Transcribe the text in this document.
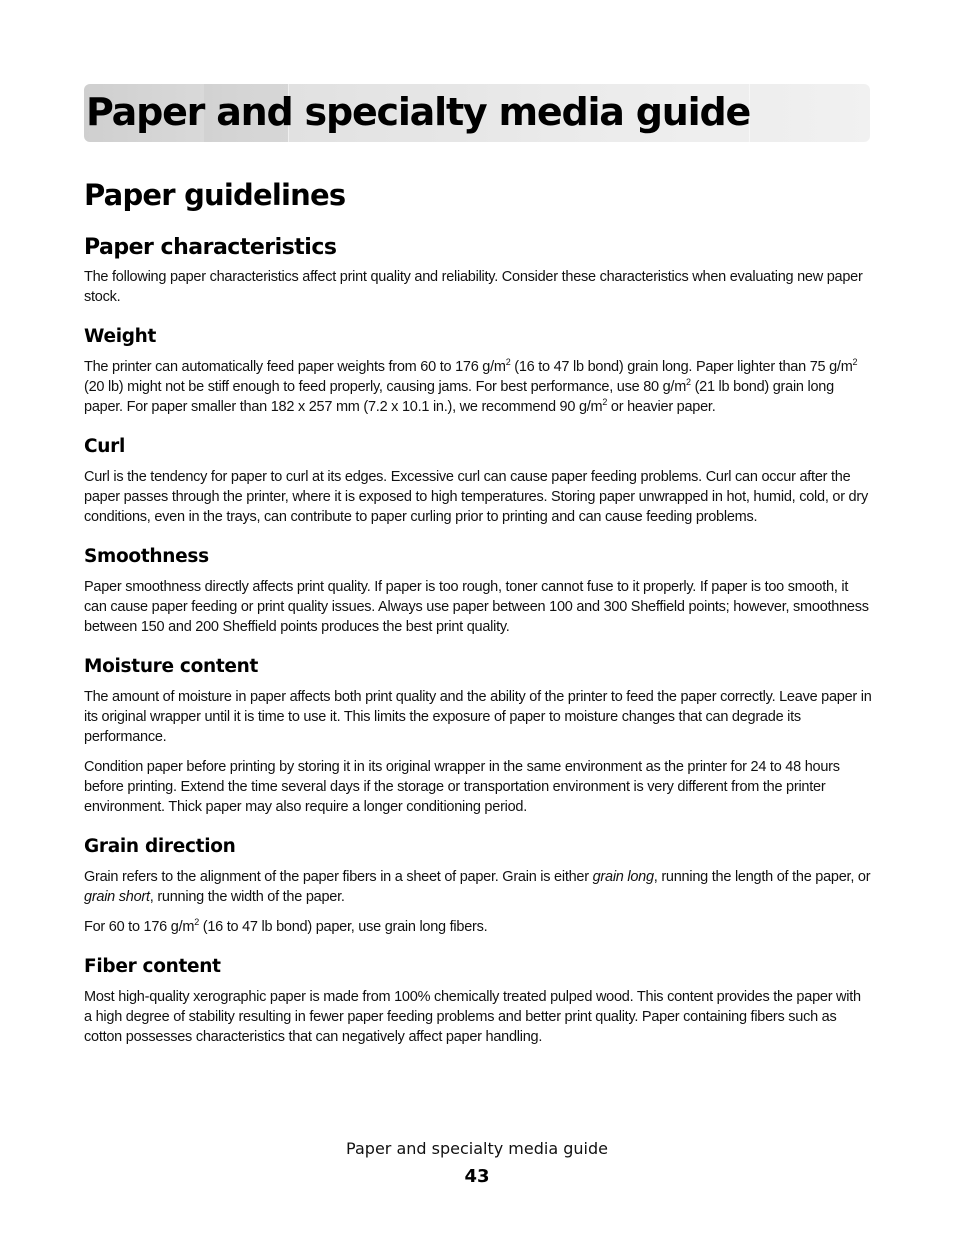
Paper and specialty media guide
Paper guidelines
Paper characteristics

The following paper characteristics affect print quality and reliability. Consider these characteristics when evaluating new paper stock.

Weight

The printer can automatically feed paper weights from 60 to 176 $g/m^2$ (16 to 47 lb bond) grain long. Paper lighter than 75 $g/m^2$ (20 lb) might not be stiff enough to feed properly, causing jams. For best performance, use 80 $g/m^2$ (21 lb bond) grain long paper. For paper smaller than 182 x 257 mm (7.2 x 10.1 in.), we recommend 90 $g/m^2$ or heavier paper.

Curl

Curl is the tendency for paper to curl at its edges. Excessive curl can cause paper feeding problems. Curl can occur after the paper passes through the printer, where it is exposed to high temperatures. Storing paper unwrapped in hot, humid, cold, or dry conditions, even in the trays, can contribute to paper curling prior to printing and can cause feeding problems.

Smoothness

Paper smoothness directly affects print quality. If paper is too rough, toner cannot fuse to it properly. If paper is too smooth, it can cause paper feeding or print quality issues. Always use paper between 100 and 300 Sheffield points; however, smoothness between 150 and 200 Sheffield points produces the best print quality.

Moisture content

The amount of moisture in paper affects both print quality and the ability of the printer to feed the paper correctly. Leave paper in its original wrapper until it is time to use it. This limits the exposure of paper to moisture changes that can degrade its performance.

Condition paper before printing by storing it in its original wrapper in the same environment as the printer for 24 to 48 hours before printing. Extend the time several days if the storage or transportation environment is very different from the printer environment. Thick paper may also require a longer conditioning period.

Grain direction

Grain refers to the alignment of the paper fibers in a sheet of paper. Grain is either grain long, running the length of the paper, or grain short, running the width of the paper.

For 60 to 176 $g/m^2$ (16 to 47 lb bond) paper, use grain long fibers.

Fiber content

Most high-quality xerographic paper is made from 100% chemically treated pulped wood. This content provides the paper with a high degree of stability resulting in fewer paper feeding problems and better print quality. Paper containing fibers such as cotton possesses characteristics that can negatively affect paper handling.

Paper and specialty media guide
43
